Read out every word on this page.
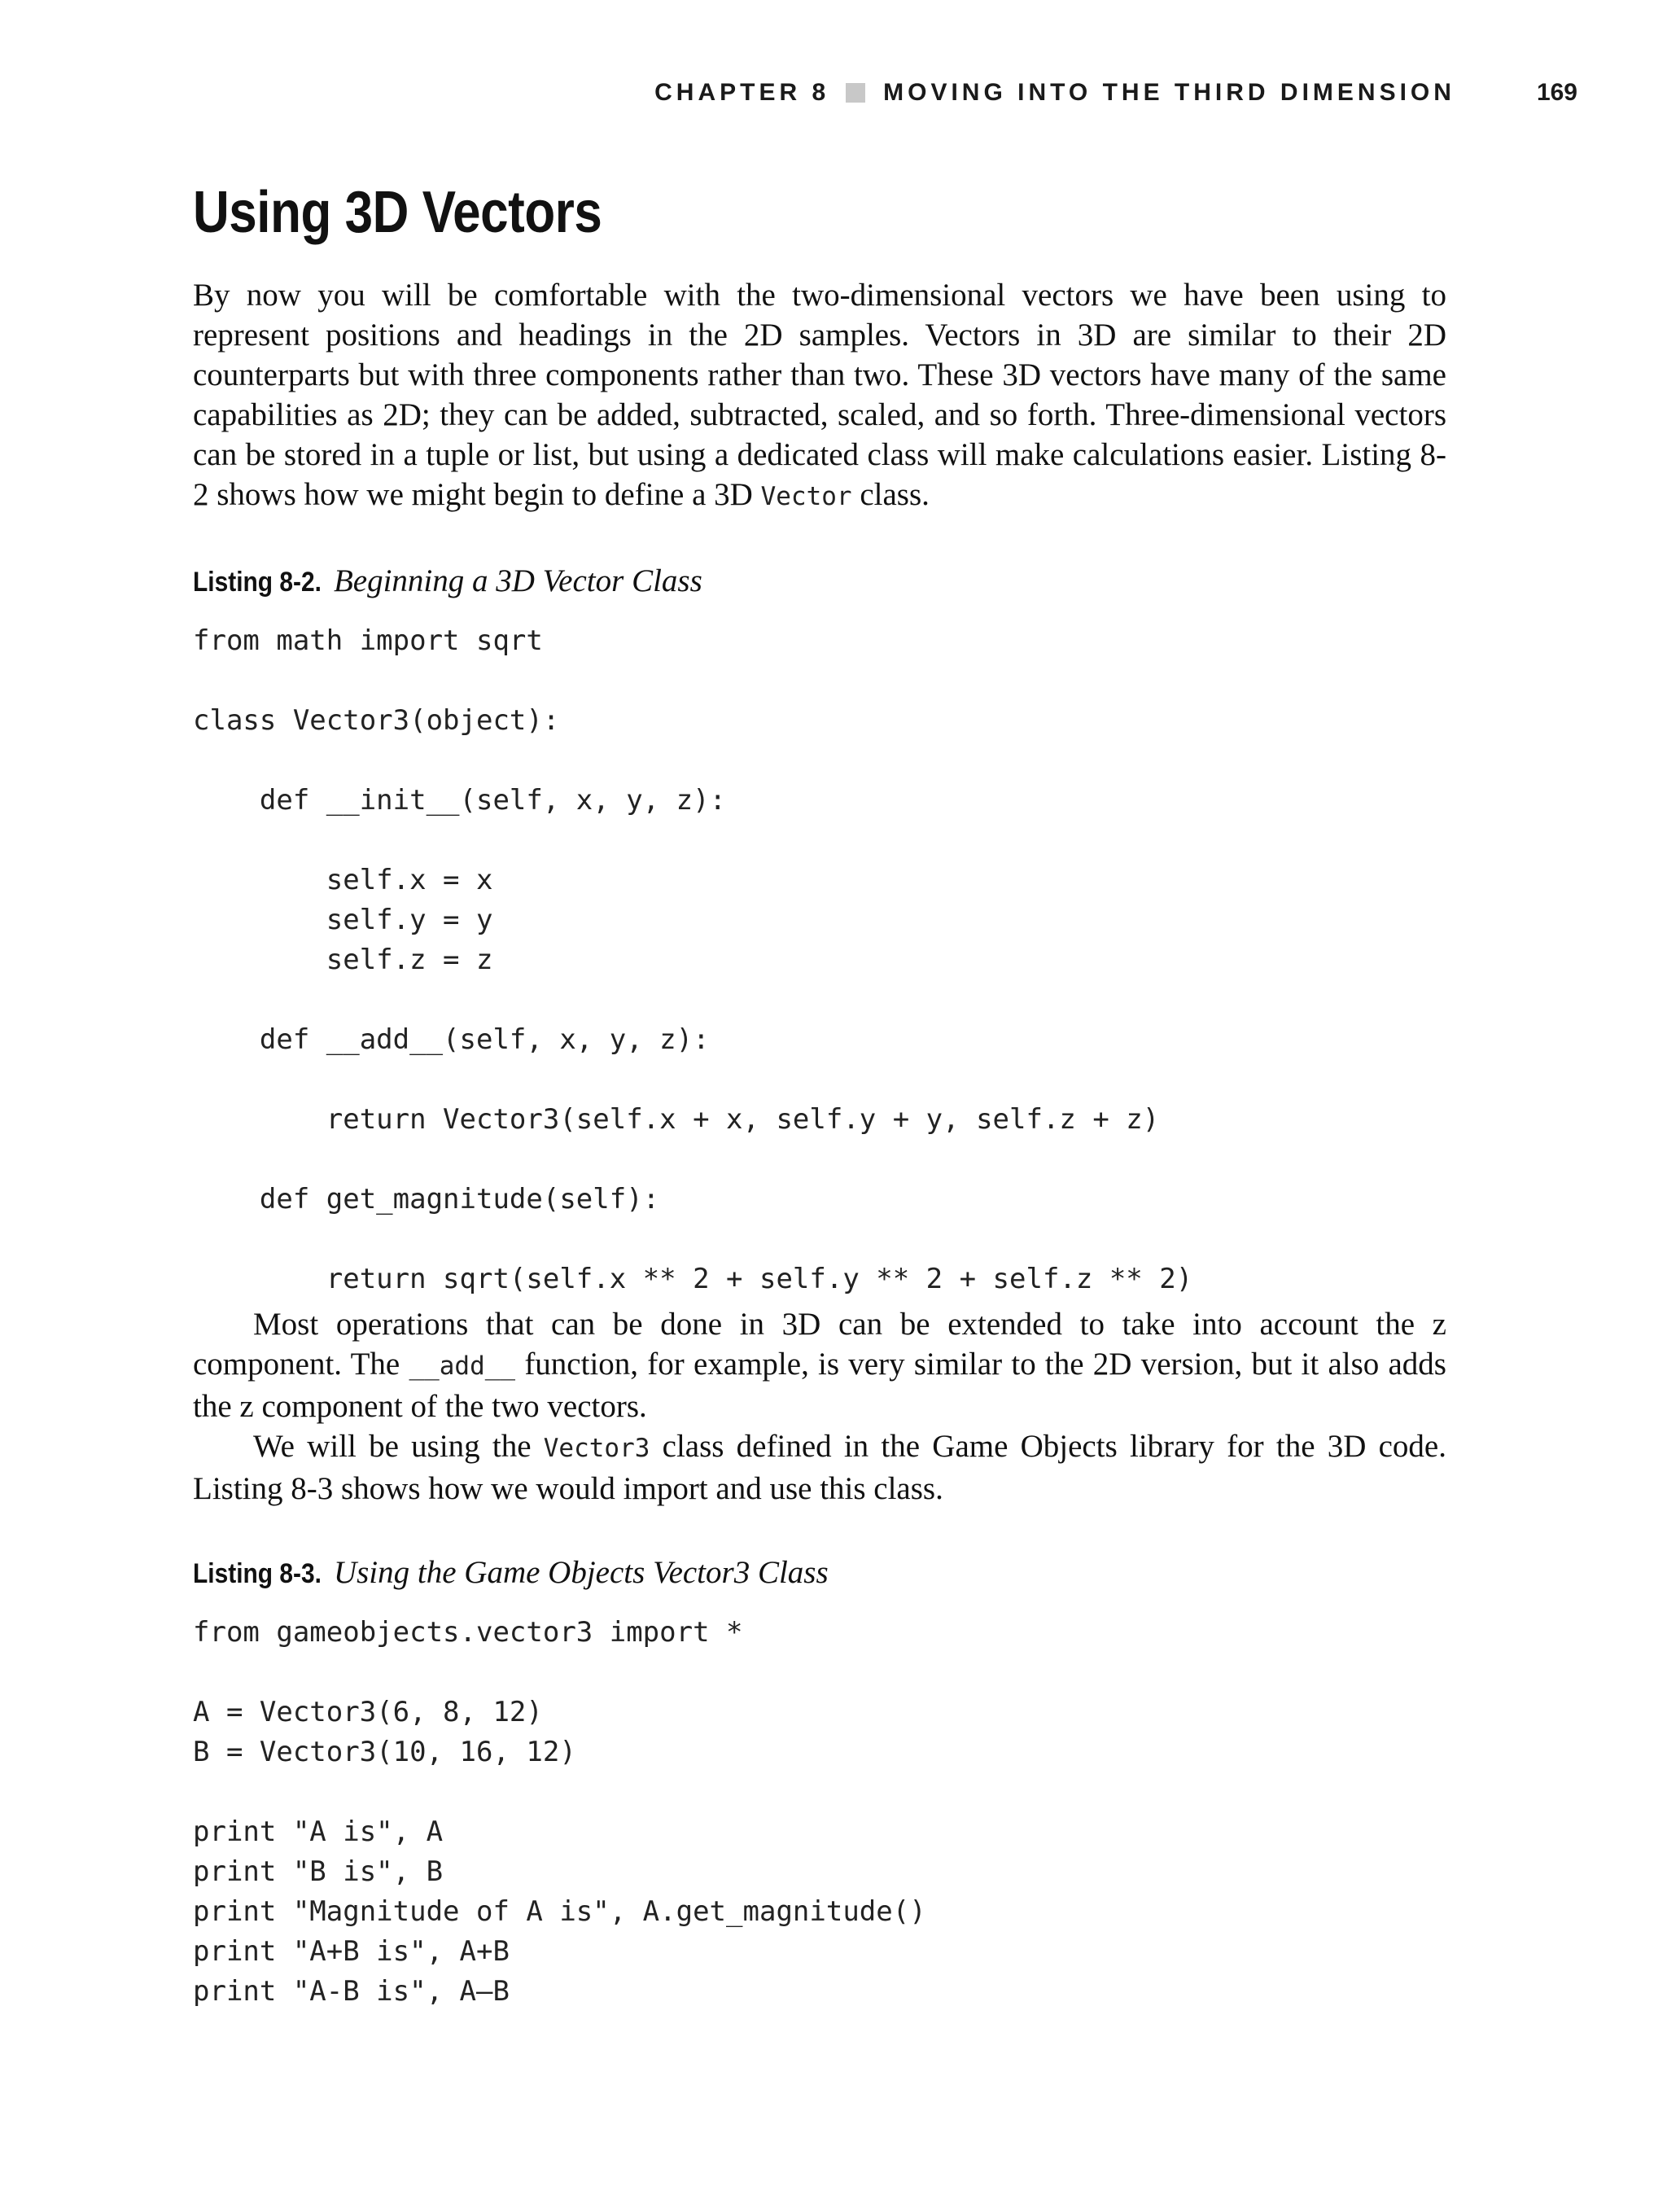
CHAPTER 8 MOVING INTO THE THIRD DIMENSION	169
Using 3D Vectors

By now you will be comfortable with the two-dimensional vectors we have been using to represent positions and headings in the 2D samples. Vectors in 3D are similar to their 2D counterparts but with three components rather than two. These 3D vectors have many of the same capabilities as 2D; they can be added, subtracted, scaled, and so forth. Three-dimensional vectors can be stored in a tuple or list, but using a dedicated class will make calculations easier. Listing 8-2 shows how we might begin to define a 3D Vector class.

Listing 8-2. Beginning a 3D Vector Class
from math import sqrt

class Vector3(object):

def __init__(self, x, y, z):

self.x = x
self.y = y
self.z = z

def __add__(self, x, y, z):

return Vector3(self.x + x, self.y + y, self.z + z)

def get_magnitude(self):

return sqrt(self.x ** 2 + self.y ** 2 + self.z ** 2)

Most operations that can be done in 3D can be extended to take into account the z component. The __add__ function, for example, is very similar to the 2D version, but it also adds the z component of the two vectors.

We will be using the Vector3 class defined in the Game Objects library for the 3D code. Listing 8-3 shows how we would import and use this class.

Listing 8-3. Using the Game Objects Vector3 Class
from gameobjects.vector3 import *

A = Vector3(6, 8, 12)
B = Vector3(10, 16, 12)

print "A is", A
print "B is", B
print "Magnitude of A is", A.get_magnitude()
print "A+B is", A+B
print "A-B is", A–B
